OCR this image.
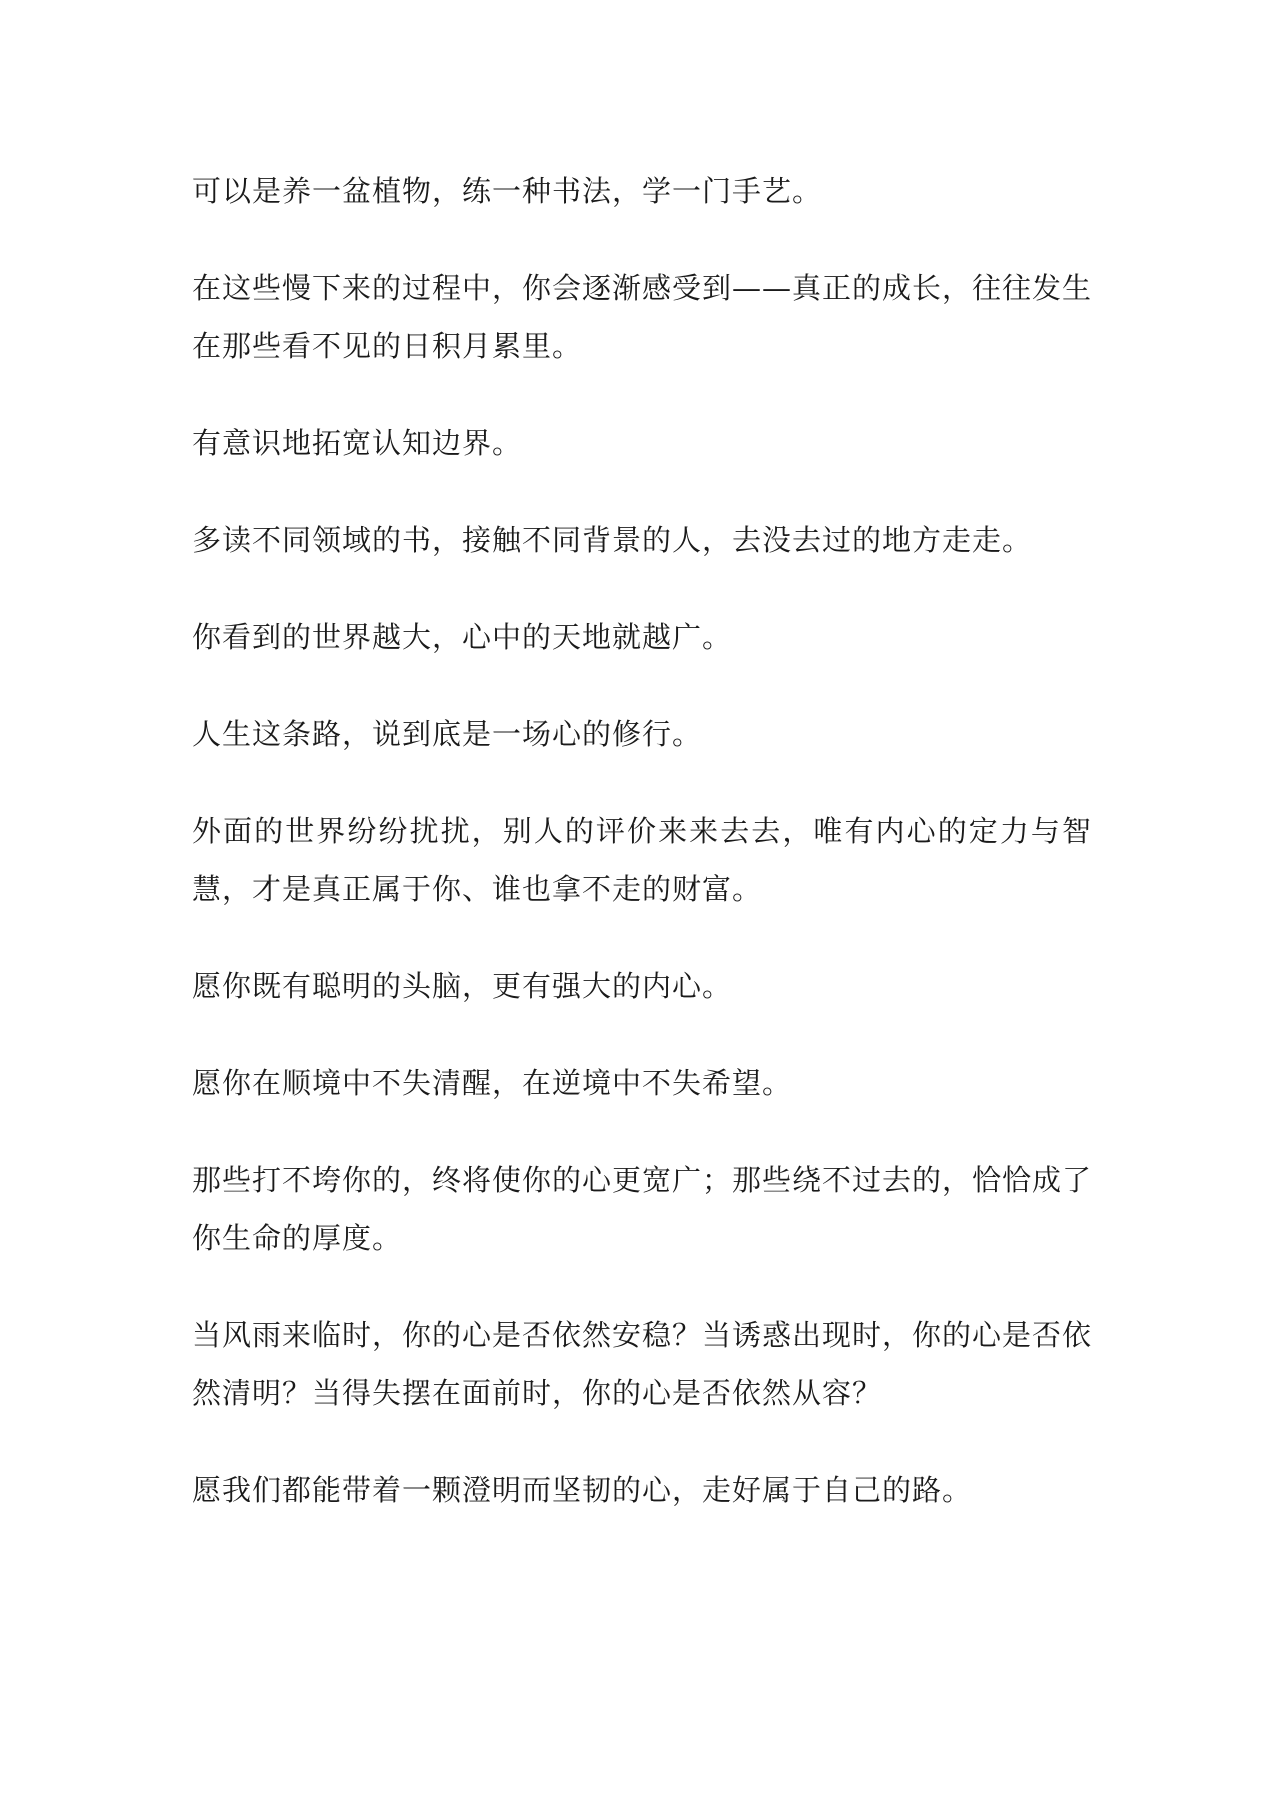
可以是养一盆植物，练一种书法，学一门手艺。

在这些慢下来的过程中，你会逐渐感受到——真正的成长，往往发生在那些看不见的日积月累里。

有意识地拓宽认知边界。

多读不同领域的书，接触不同背景的人，去没去过的地方走走。

你看到的世界越大，心中的天地就越广。

人生这条路，说到底是一场心的修行。

外面的世界纷纷扰扰，别人的评价来来去去，唯有内心的定力与智慧，才是真正属于你、谁也拿不走的财富。

愿你既有聪明的头脑，更有强大的内心。

愿你在顺境中不失清醒，在逆境中不失希望。

那些打不垮你的，终将使你的心更宽广；那些绕不过去的，恰恰成了你生命的厚度。

当风雨来临时，你的心是否依然安稳？当诱惑出现时，你的心是否依然清明？当得失摆在面前时，你的心是否依然从容？

愿我们都能带着一颗澄明而坚韧的心，走好属于自己的路。
